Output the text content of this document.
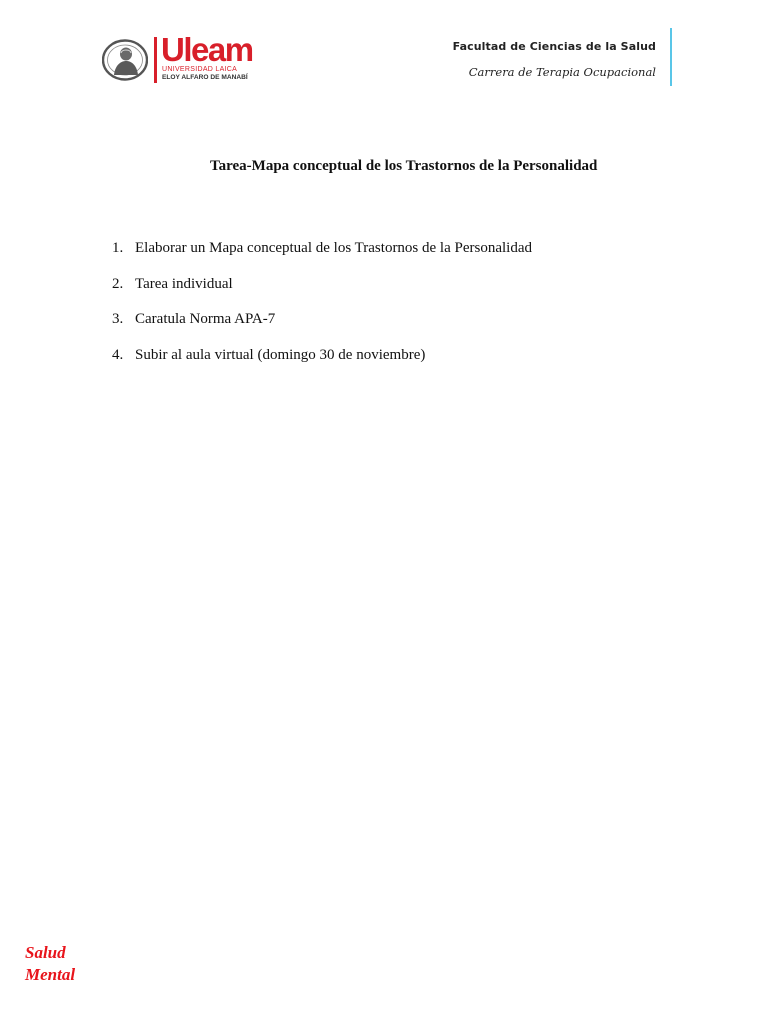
Uleam
UNIVERSIDAD LAICA
ELOY ALFARO DE MANABÍ
Facultad de Ciencias de la Salud
Carrera de Terapia Ocupacional
Tarea-Mapa conceptual de los Trastornos de la Personalidad
1. Elaborar un Mapa conceptual de los Trastornos de la Personalidad
2. Tarea individual
3. Caratula Norma APA-7
4. Subir al aula virtual (domingo 30 de noviembre)
Salud
Mental
